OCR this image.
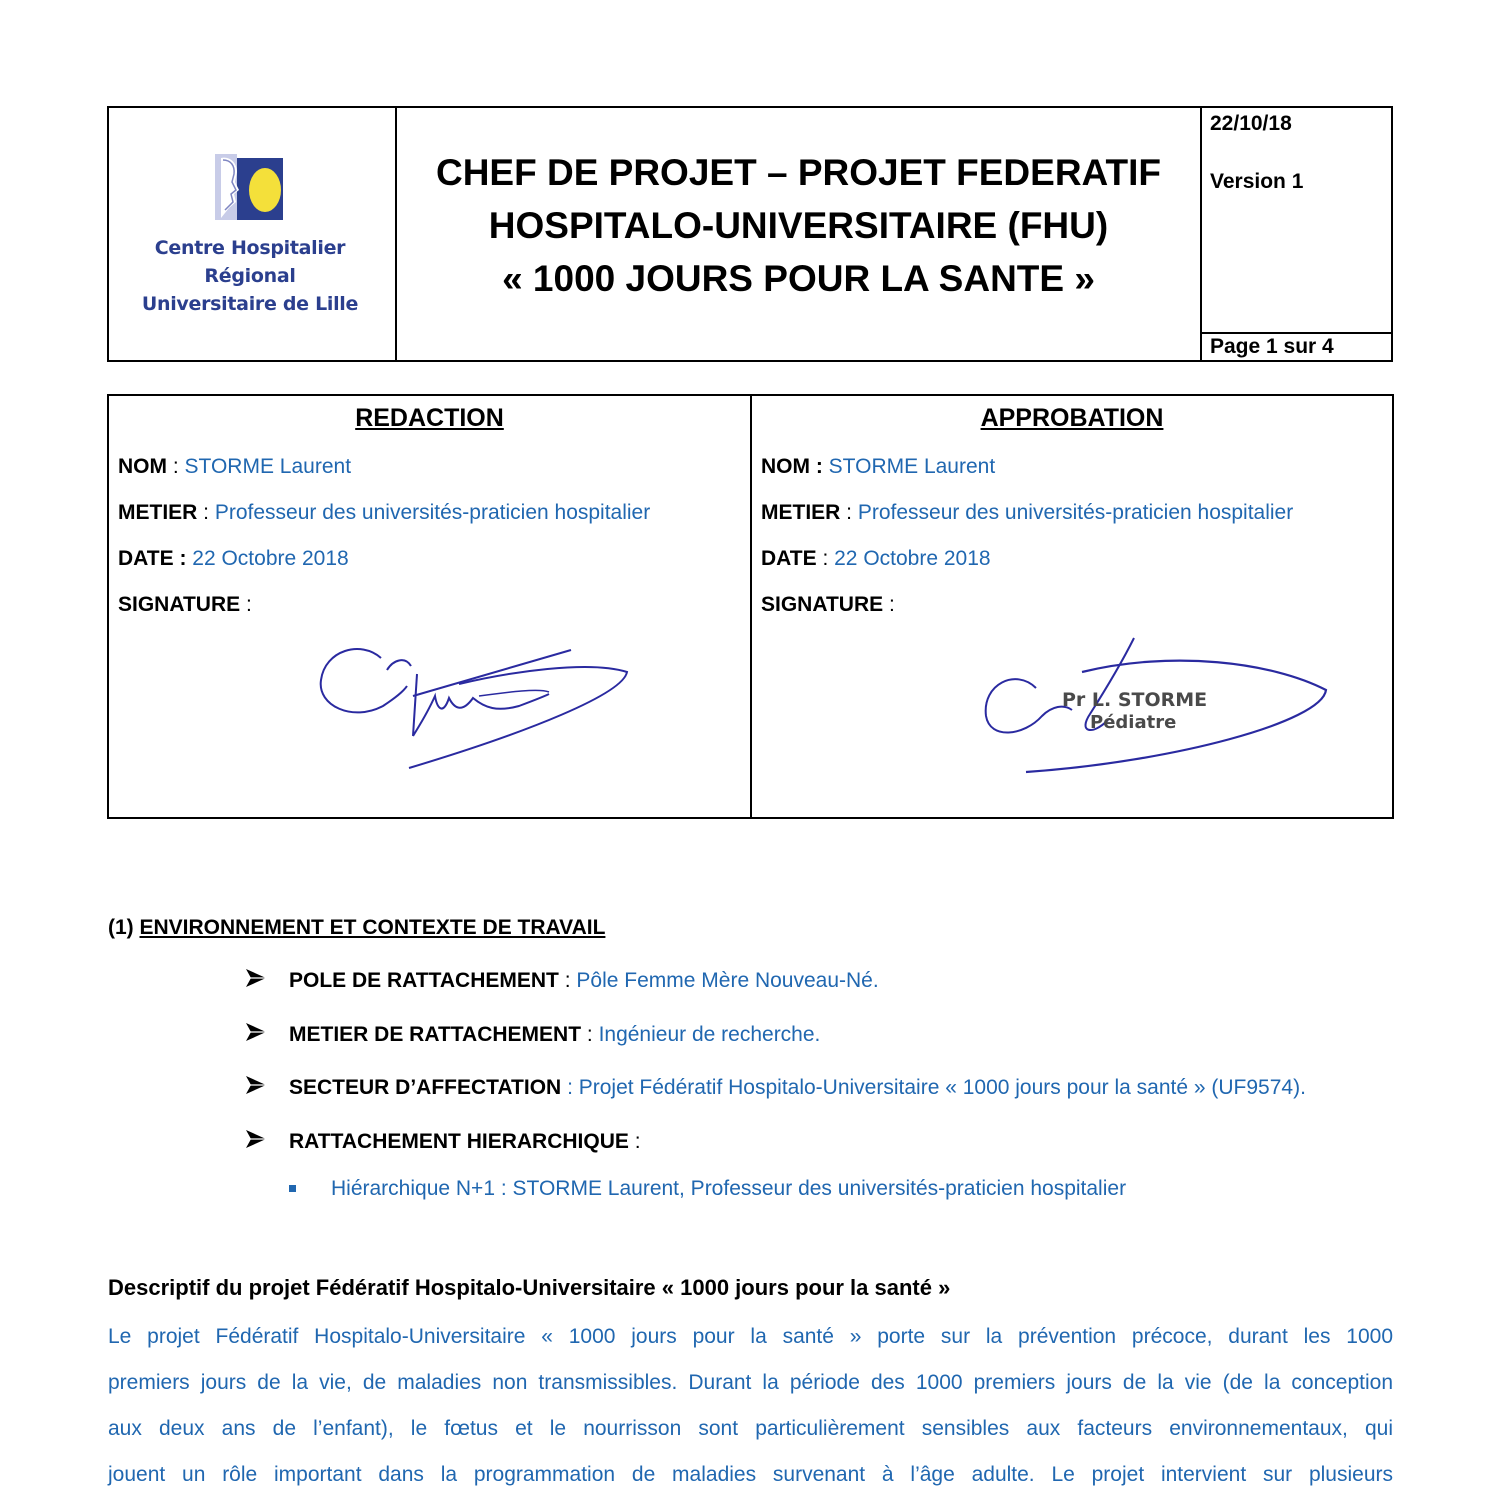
Centre Hospitalier Régional
Universitaire de Lille
CHEF DE PROJET – PROJET FEDERATIF
HOSPITALO-UNIVERSITAIRE (FHU)
« 1000 JOURS POUR LA SANTE »
22/10/18
Version 1
Page 1 sur 4
REDACTION
NOM : STORME Laurent
METIER : Professeur des universités-praticien hospitalier
DATE : 22 Octobre 2018
SIGNATURE :
APPROBATION
NOM : STORME Laurent
METIER : Professeur des universités-praticien hospitalier
DATE : 22 Octobre 2018
SIGNATURE :
Pr L. STORME
Pédiatre
(1) ENVIRONNEMENT ET CONTEXTE DE TRAVAIL
POLE DE RATTACHEMENT : Pôle Femme Mère Nouveau-Né.
METIER DE RATTACHEMENT : Ingénieur de recherche.
SECTEUR D’AFFECTATION : Projet Fédératif Hospitalo-Universitaire « 1000 jours pour la santé » (UF9574).
RATTACHEMENT HIERARCHIQUE :
Hiérarchique N+1 : STORME Laurent, Professeur des universités-praticien hospitalier
Descriptif du projet Fédératif Hospitalo-Universitaire « 1000 jours pour la santé »
Le projet Fédératif Hospitalo-Universitaire « 1000 jours pour la santé » porte sur la prévention précoce, durant les 1000
premiers jours de la vie, de maladies non transmissibles. Durant la période des 1000 premiers jours de la vie (de la conception
aux deux ans de l’enfant), le fœtus et le nourrisson sont particulièrement sensibles aux facteurs environnementaux, qui
jouent un rôle important dans la programmation de maladies survenant à l’âge adulte. Le projet intervient sur plusieurs
